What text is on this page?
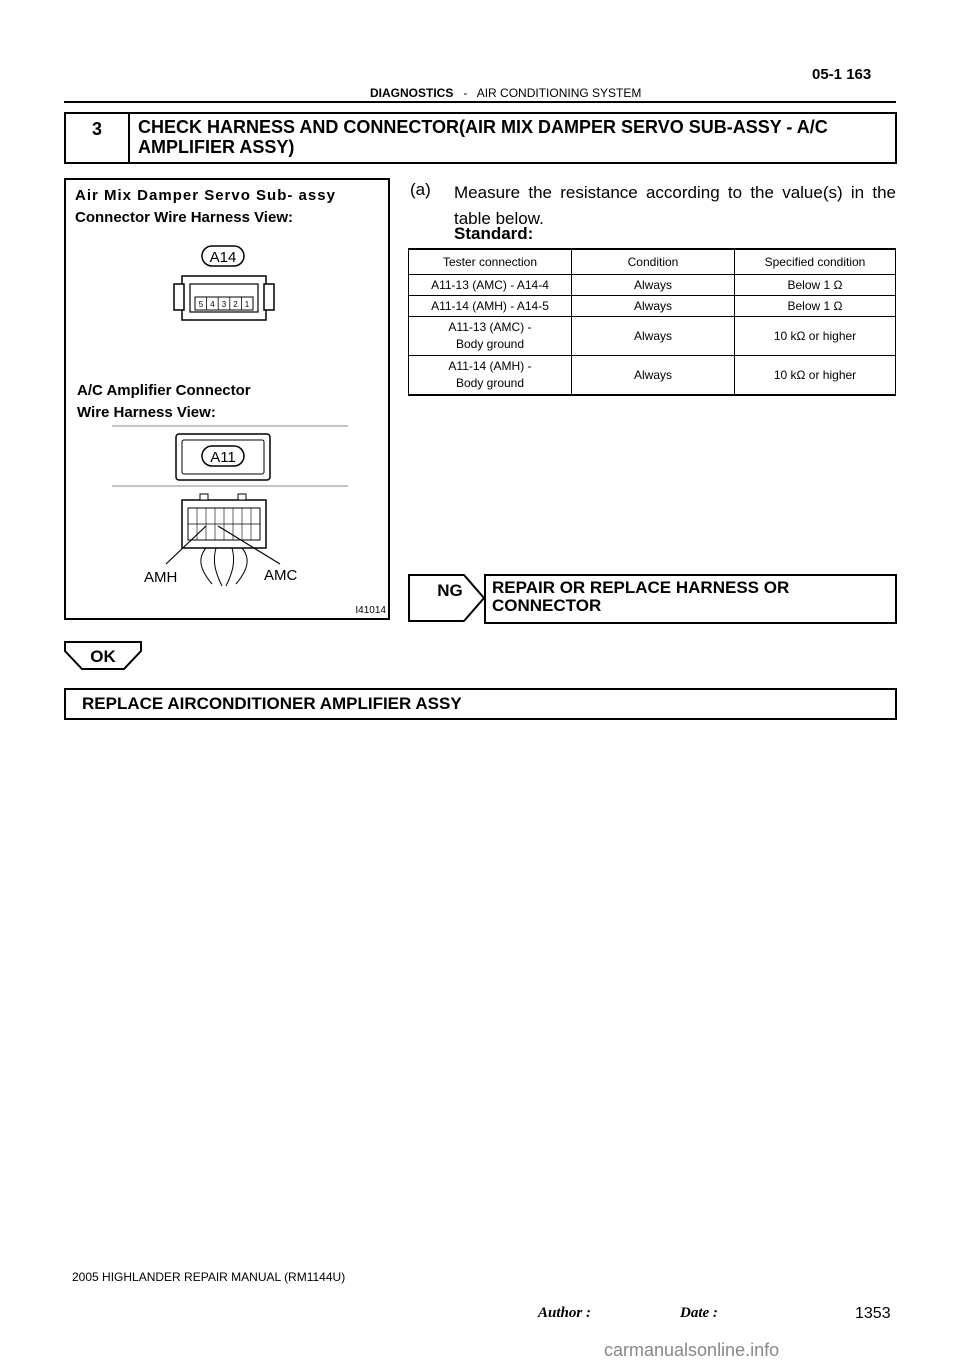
05-1 163
DIAGNOSTICS - AIR CONDITIONING SYSTEM
3	CHECK HARNESS AND CONNECTOR(AIR MIX DAMPER SERVO SUB-ASSY - A/C AMPLIFIER ASSY)
Air Mix Damper Servo Sub- assy
Connector Wire Harness View:
A14
5 4 3 2 1
A11
AMH	AMC
A/C Amplifier Connector
Wire Harness View:
I41014
(a) Measure the resistance according to the value(s) in the table below.
Standard:
Tester connection	Condition	Specified condition
A11-13 (AMC) - A14-4	Always	Below 1 Ω
A11-14 (AMH) - A14-5	Always	Below 1 Ω

A11-13 (AMC) -
Body ground	Always	10 kΩ or higher

A11-14 (AMH) -
Body ground	Always	10 kΩ or higher
NG REPAIR OR REPLACE HARNESS OR CONNECTOR
OK
REPLACE AIRCONDITIONER AMPLIFIER ASSY
2005 HIGHLANDER REPAIR MANUAL (RM1144U)
Author :	Date :	1353
carmanualsonline.info
